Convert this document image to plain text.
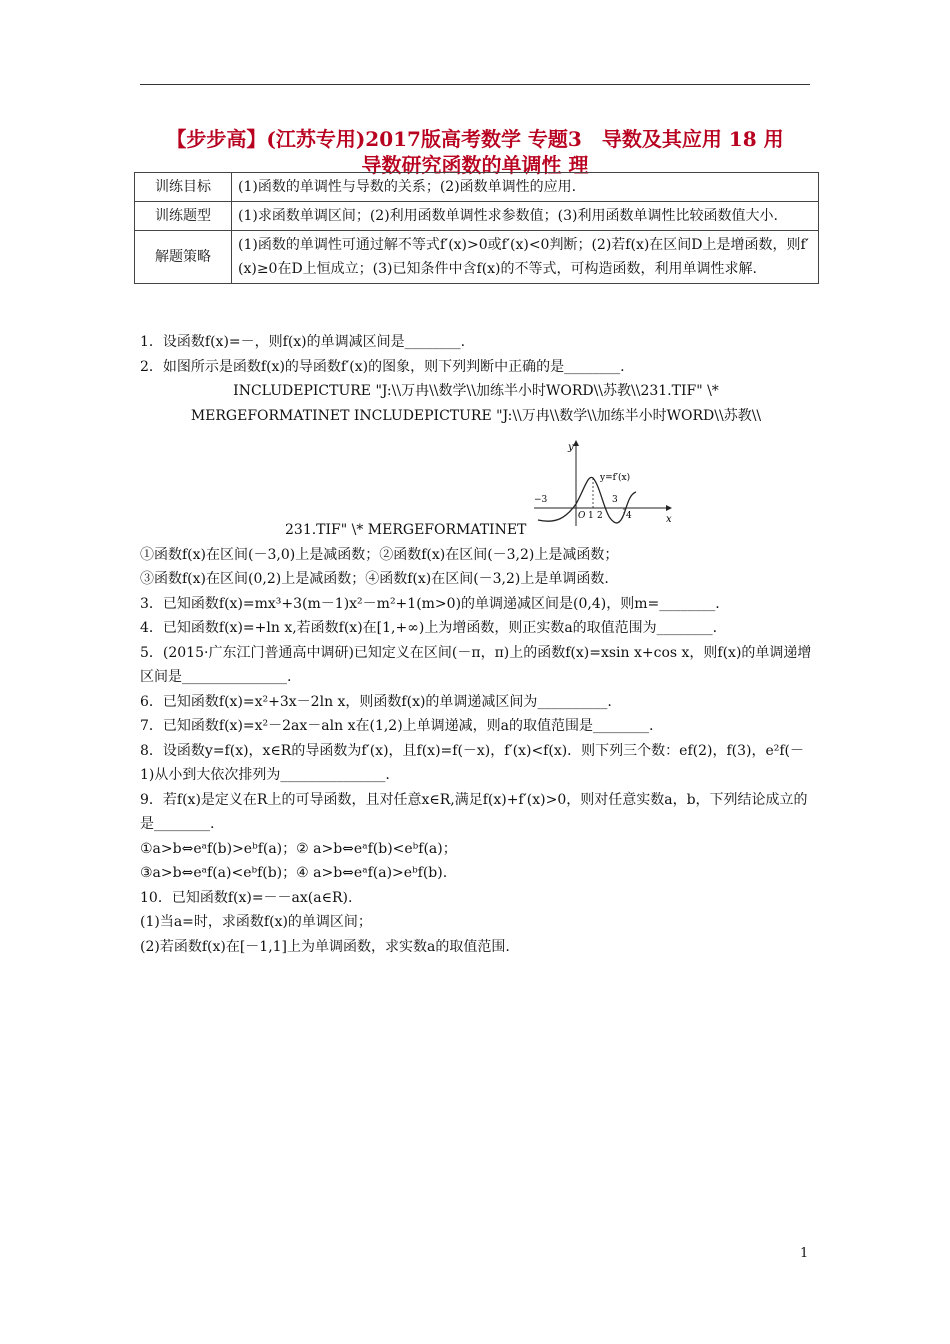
【步步高】(江苏专用)2017版高考数学 专题3　导数及其应用 18 用
导数研究函数的单调性 理
训练目标	(1)函数的单调性与导数的关系；(2)函数单调性的应用.
训练题型	(1)求函数单调区间；(2)利用函数单调性求参数值；(3)利用函数单调性比较函数值大小.
解题策略	(1)函数的单调性可通过解不等式f′(x)>0或f′(x)<0判断；(2)若f(x)在区间D上是增函数，则f′(x)≥0在D上恒成立；(3)已知条件中含f(x)的不等式，可构造函数，利用单调性求解.

1．设函数f(x)=－，则f(x)的单调减区间是________.

2．如图所示是函数f(x)的导函数f′(x)的图象，则下列判断中正确的是________.

INCLUDEPICTURE "J:\\万冉\\数学\\加练半小时WORD\\苏教\\231.TIF" \*

MERGEFORMATINET INCLUDEPICTURE "J:\\万冉\\数学\\加练半小时WORD\\苏教\\

231.TIF" \* MERGEFORMATINET

①函数f(x)在区间(－3,0)上是减函数；②函数f(x)在区间(－3,2)上是减函数；

③函数f(x)在区间(0,2)上是减函数；④函数f(x)在区间(－3,2)上是单调函数.

3．已知函数f(x)=mx³+3(m－1)x²－m²+1(m>0)的单调递减区间是(0,4)，则m=________.

4．已知函数f(x)=+ln x,若函数f(x)在[1,+∞)上为增函数，则正实数a的取值范围为________.

5．(2015·广东江门普通高中调研)已知定义在区间(－π，π)上的函数f(x)=xsin x+cos x，则f(x)的单调递增区间是_______________.

6．已知函数f(x)=x²+3x－2ln x，则函数f(x)的单调递减区间为__________.

7．已知函数f(x)=x²－2ax－aln x在(1,2)上单调递减，则a的取值范围是________.

8．设函数y=f(x)，x∈R的导函数为f′(x)，且f(x)=f(－x)，f′(x)<f(x)．则下列三个数：ef(2)，f(3)，e²f(－1)从小到大依次排列为_______________.

9．若f(x)是定义在R上的可导函数，且对任意x∈R,满足f(x)+f′(x)>0，则对任意实数a，b，下列结论成立的是________.

①a>b⇔eᵃf(b)>eᵇf(a)；② a>b⇔eᵃf(b)<eᵇf(a)；

③a>b⇔eᵃf(a)<eᵇf(b)；④ a>b⇔eᵃf(a)>eᵇf(b).

10．已知函数f(x)=－－ax(a∈R).

(1)当a=时，求函数f(x)的单调区间；

(2)若函数f(x)在[－1,1]上为单调函数，求实数a的取值范围.

y
x
y=f′(x)
−3
O 1 2
3
4
1
